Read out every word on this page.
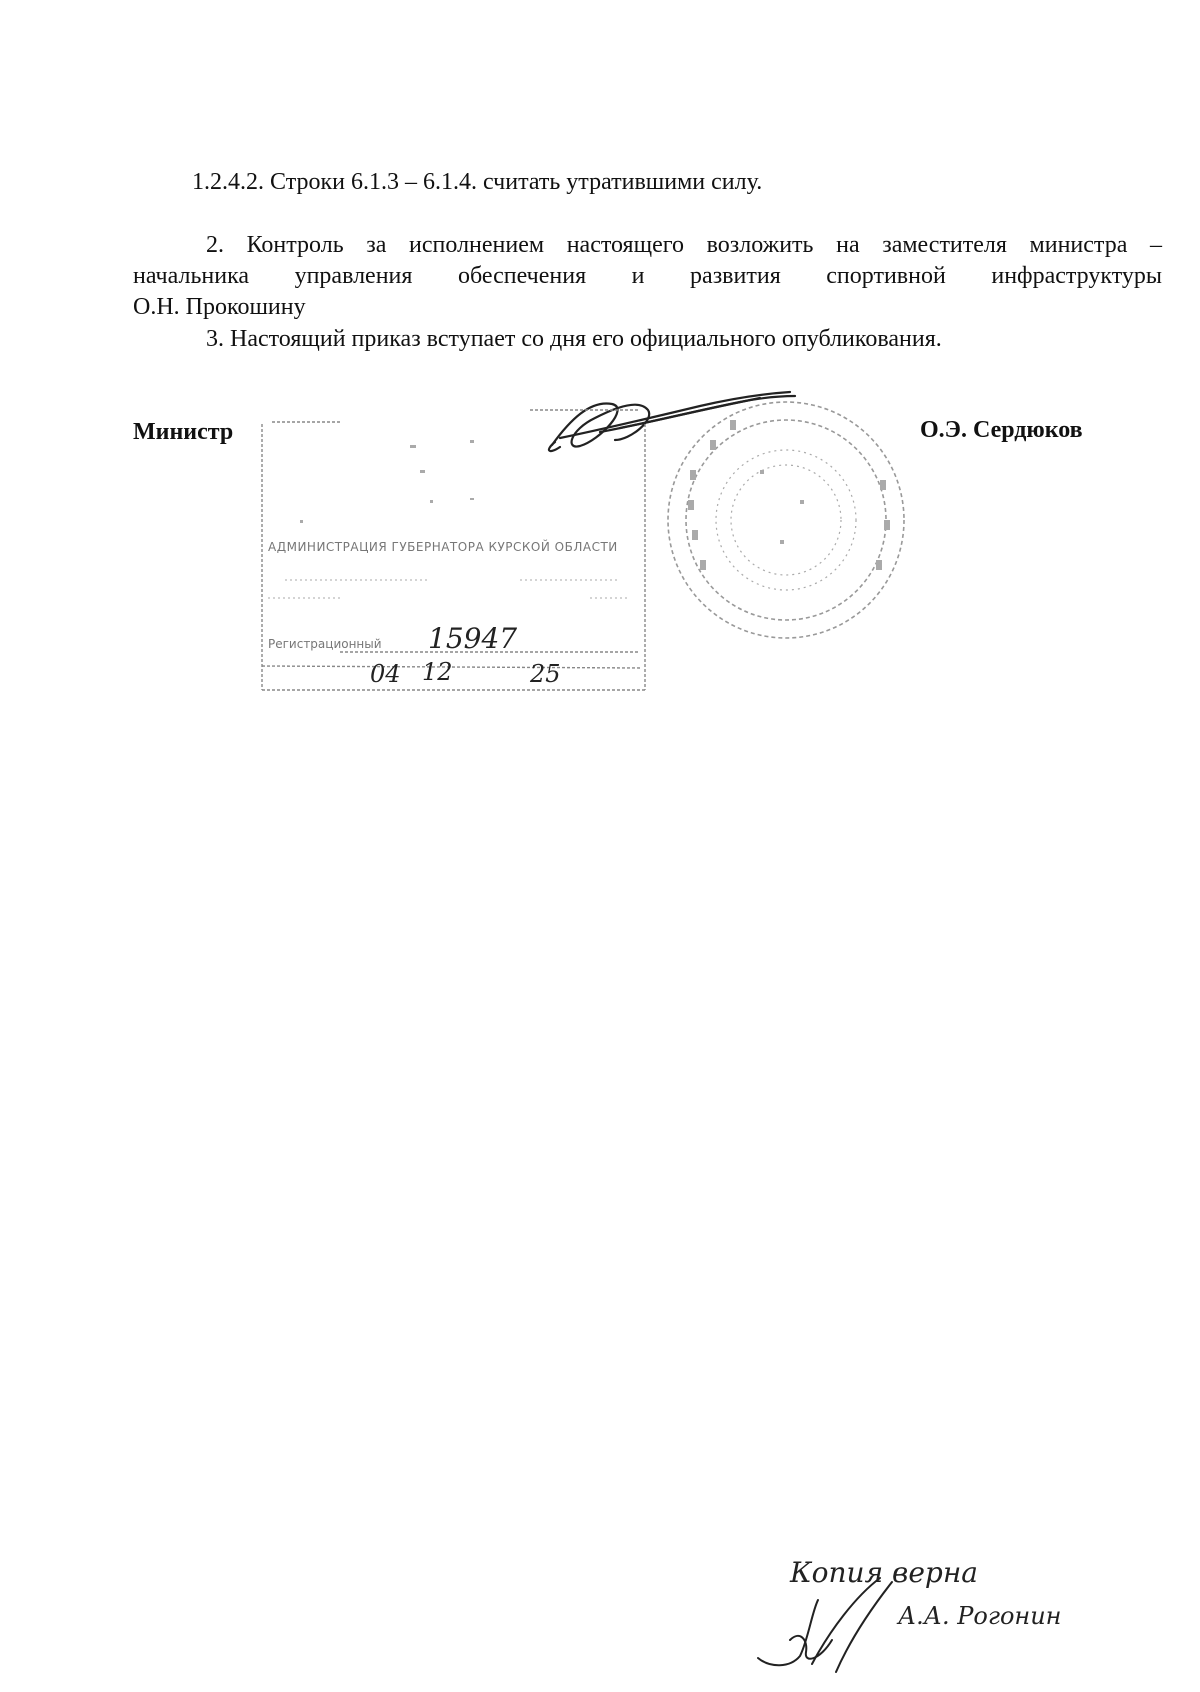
1.2.4.2. Строки 6.1.3 – 6.1.4. считать утратившими силу.
2. Контроль за исполнением настоящего возложить на заместителя министра –
начальника управления обеспечения и развития спортивной инфраструктуры
О.Н. Прокошину
3. Настоящий приказ вступает со дня его официального опубликования.
Министр	О.Э. Сердюков
АДМИНИСТРАЦИЯ ГУБЕРНАТОРА КУРСКОЙ ОБЛАСТИ
Регистрационный 15947
04 12	25
Копия верна
А.А. Рогонин
